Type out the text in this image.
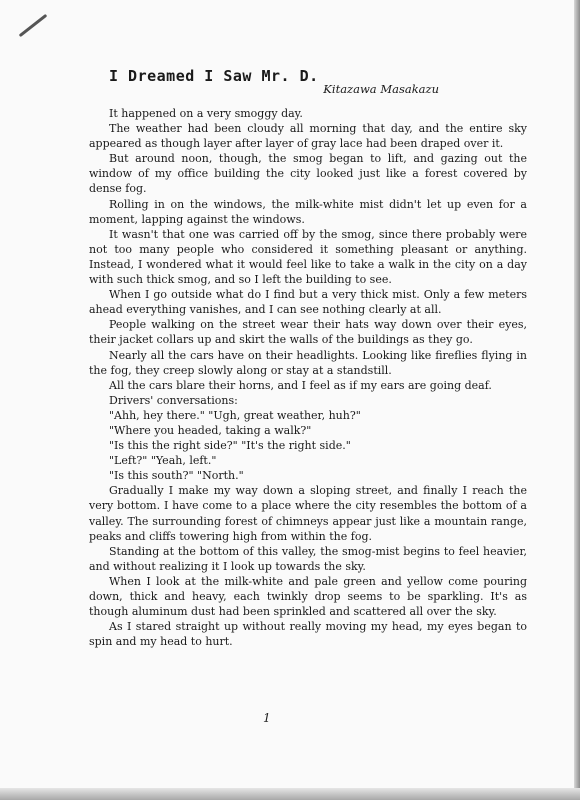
I Dreamed I Saw Mr. D.
Kitazawa Masakazu

It happened on a very smoggy day.

The weather had been cloudy all morning that day, and the entire sky appeared as though layer after layer of gray lace had been draped over it.

But around noon, though, the smog began to lift, and gazing out the window of my office building the city looked just like a forest covered by dense fog.

Rolling in on the windows, the milk-white mist didn't let up even for a moment, lapping against the windows.

It wasn't that one was carried off by the smog, since there probably were not too many people who considered it something pleasant or anything. Instead, I wondered what it would feel like to take a walk in the city on a day with such thick smog, and so I left the building to see.

When I go outside what do I find but a very thick mist. Only a few meters ahead everything vanishes, and I can see nothing clearly at all.

People walking on the street wear their hats way down over their eyes, their jacket collars up and skirt the walls of the buildings as they go.

Nearly all the cars have on their headlights. Looking like fireflies flying in the fog, they creep slowly along or stay at a standstill.

All the cars blare their horns, and I feel as if my ears are going deaf.

Drivers' conversations:

"Ahh, hey there." "Ugh, great weather, huh?"

"Where you headed, taking a walk?"

"Is this the right side?" "It's the right side."

"Left?" "Yeah, left."

"Is this south?" "North."

Gradually I make my way down a sloping street, and finally I reach the very bottom. I have come to a place where the city resembles the bottom of a valley. The surrounding forest of chimneys appear just like a mountain range, peaks and cliffs towering high from within the fog.

Standing at the bottom of this valley, the smog-mist begins to feel heavier, and without realizing it I look up towards the sky.

When I look at the milk-white and pale green and yellow come pouring down, thick and heavy, each twinkly drop seems to be sparkling. It's as though aluminum dust had been sprinkled and scattered all over the sky.

As I stared straight up without really moving my head, my eyes began to spin and my head to hurt.

1
